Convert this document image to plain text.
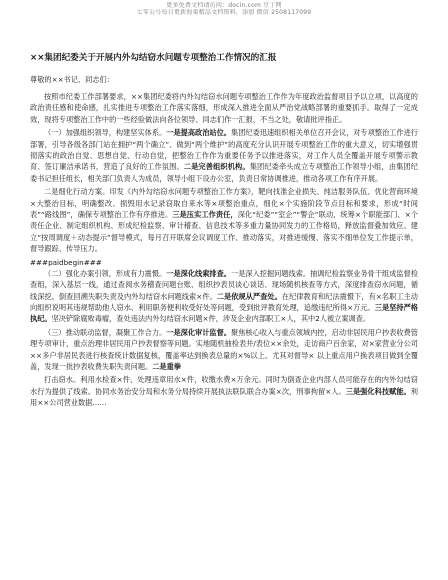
更多免费文档请访问：docin.com 豆丁网
七零公号每日更新海量精品文档资料，添加 微信 2508117099
××集团纪委关于开展内外勾结窃水问题专项整治工作情况的汇报
尊敬的××书记、同志们：

按照市纪委工作部署要求，××集团纪委将内外勾结窃水问题专项整治工作作为年度政治监督项目予以立项，以高度的政治责任感和使命感，扎实推进专项整治工作落实落细，形成深入推进全面从严治党战略部署的重要抓手。取得了一定成效，现将专项整治工作中的一些经验做法向各位领导、同志们作一汇报，不当之处，敬请批评指正。

（一）加强组织领导，构建坚实体系。一是提高政治站位。集团纪委迅速组织相关单位召开会议，对专项整治工作进行部署，引导各级各部门站在拥护“两个确立”、做到“两个维护”的高度充分认识开展专项整治工作的重大意义，切实增强贯彻落实的政治自觉、思想自觉、行动自觉，把整治工作作为重要任务予以推进落实，对工作人员全覆盖开展专项警示教育、签订廉洁承诺书，营造了良好的工作氛围。二是完善组织机构。集团纪委牵头成立专项整治工作领导小组，由集团纪委书记担任组长，相关部门负责人为成员，领导小组下设办公室，负责日常协调推进，推动各项工作有序开展。

二是细化行动方案。印发《内外勾结窃水问题专项整治工作方案》，靶向找准企业损失、纯洁服务队伍、优化营商环境×大整治目标，明确整改、损毁用水记录窃取自来水等×项整治重点，细化×个实施阶段节点目标和要求，形成“时间表”“路线图”，确保专项整治工作有序推进。三是压实工作责任，深化“纪委”“室企”“警企”联动，统筹×个职能部门、×个责任企业、制定组织机构、形成纪检监察、审计稽查、信息技术等多重力量协同发力的工作格局，释放监督叠加效应。建立“按周调度＋动态提示”督导模式，每月召开联席会议调度工作、推动落实，对推进缓慢、落实不细单位发工作提示单，督导跟踪、传导压力。

###paidbegin###

（二）强化办案引领，形成有力震慑。一是深化线索排查。一是深入挖掘问题线索。抽调纪检监察业务骨干组成监督检查组，深入基层一线，通过查阅水务稽查问题台账、组织抄表员谈心谈话、现场随机核查等方式，深度排查窃水问题，循线深挖。倒查回溯失职失责及内外勾结窃水问题线索×件。二是依规从严查处。在纪律教育和纪法震慑下，有×名职工主动向组织说明其违规帮助他人窃水、利用职务便利收受好处等问题，受到批评教育处理，追缴违纪所得×万元。三是坚持严格执纪。坚决铲除腐败毒瘤，查处违法内外勾结窃水问题×件，涉及企业内部职工×人，其中2人被立案调查。

（三）推动联动监督，凝聚工作合力。一是深化审计监督。聚焦核心收入与重点领域内控，启动非居民用户抄表收费管理专项审计，重点治理非居民用户抄表督察等问题。实地随机抽检表井/表位××余处，走访商户百余家，对×家营业分公司××多户非居民表进行核查统计数据复核，覆盖率达到换表总量的×%以上。尤其对督导× 以上重点用户换表项目做到全覆盖，发现一批抄表收费失职失责问题。二是重拳

打击窃水。利用水检查×件、处理违章用水×件，收缴水费×万余元。同时为倒查企业内部人员可能存在的内外勾结窃水行为提供了线索。协同水务治安分局和水务分局持续开展执法联队联合办案×次，刑事拘留×人。三是强化科技赋能。利用××公司营业数据……
